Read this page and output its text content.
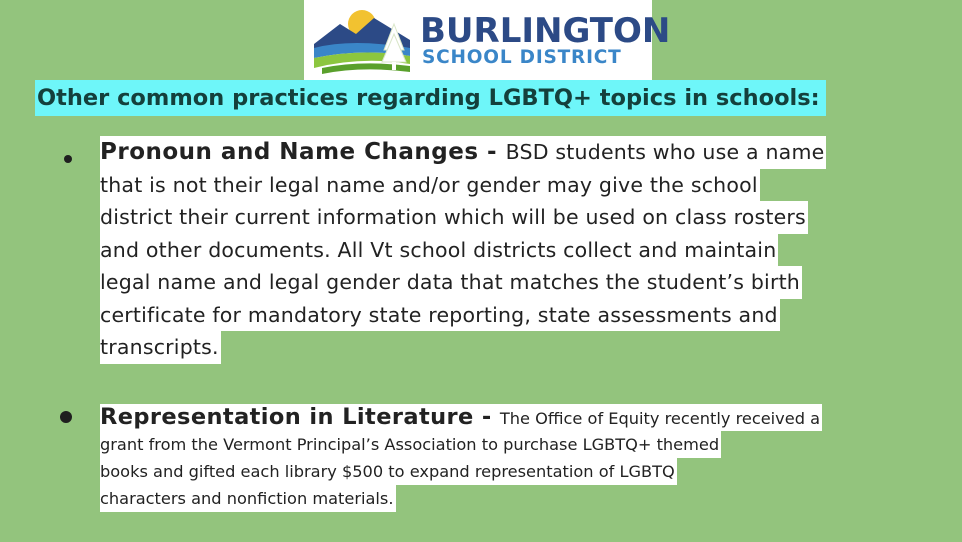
BURLINGTON
SCHOOL DISTRICT
Other common practices regarding LGBTQ+ topics in schools:
Pronoun and Name Changes - BSD students who use a name
that is not their legal name and/or gender may give the school
district their current information which will be used on class rosters
and other documents. All Vt school districts collect and maintain
legal name and legal gender data that matches the student’s birth
certificate for mandatory state reporting, state assessments and
transcripts.
Representation in Literature - The Office of Equity recently received a
grant from the Vermont Principal’s Association to purchase LGBTQ+ themed
books and gifted each library $500 to expand representation of LGBTQ
characters and nonfiction materials.
